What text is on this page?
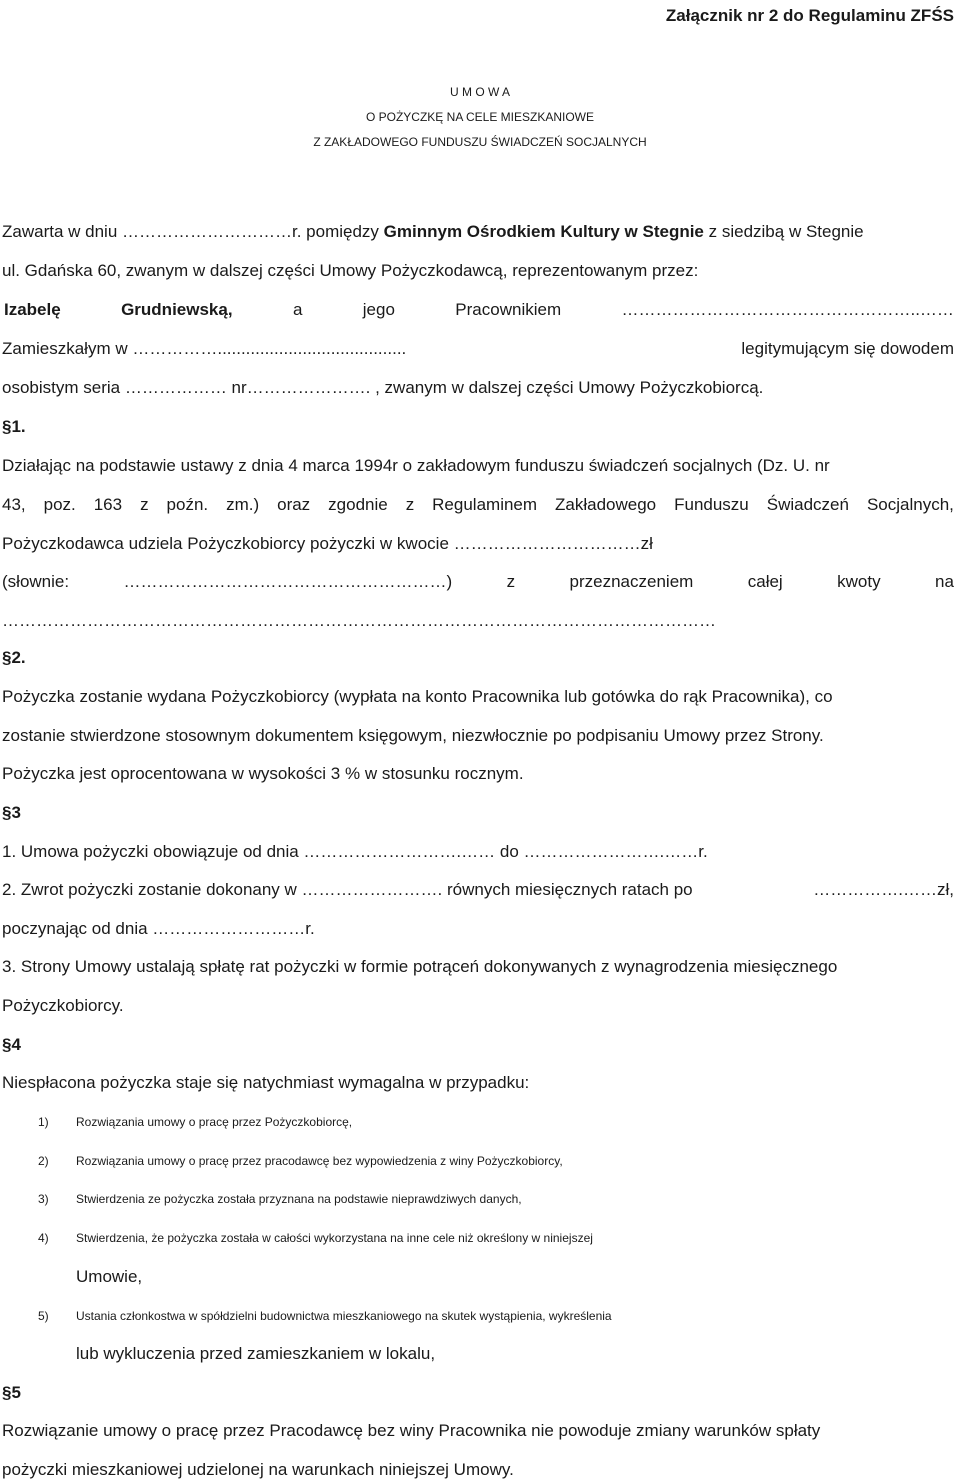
Załącznik nr 2 do Regulaminu ZFŚS
U M O W A
O POŻYCZKĘ NA CELE MIESZKANIOWE
Z ZAKŁADOWEGO FUNDUSZU ŚWIADCZEŃ SOCJALNYCH
Zawarta w dniu …………………………r. pomiędzy Gminnym Ośrodkiem Kultury w Stegnie z siedzibą w Stegnie
ul. Gdańska 60, zwanym w dalszej części Umowy Pożyczkodawcą, reprezentowanym przez:
Izabelę	Grudniewską,	a	jego	Pracownikiem	……………………………………………..……
Zamieszkałym w ……………........................................	legitymującym się dowodem
osobistym seria ……………… nr…………………. , zwanym w dalszej części Umowy Pożyczkobiorcą.
§1.
Działając na podstawie ustawy z dnia 4 marca 1994r o zakładowym funduszu świadczeń socjalnych (Dz. U. nr
43, poz. 163 z poźn. zm.) oraz zgodnie z Regulaminem Zakładowego Funduszu Świadczeń Socjalnych,
Pożyczkodawca udziela Pożyczkobiorcy pożyczki w kwocie ……………………………zł
(słownie:	…………………………………………………)	z	przeznaczeniem	całej	kwoty	na
………………………………………………………………………………………………………………
§2.
Pożyczka zostanie wydana Pożyczkobiorcy (wypłata na konto Pracownika lub gotówka do rąk Pracownika), co
zostanie stwierdzone stosownym dokumentem księgowym, niezwłocznie po podpisaniu Umowy przez Strony.
Pożyczka jest oprocentowana w wysokości 3 % w stosunku rocznym.
§3
1. Umowa pożyczki obowiązuje od dnia ……………………….…… do …………………….……r.
2. Zwrot pożyczki zostanie dokonany w ……………………. równych miesięcznych ratach po	…………….……zł,
poczynając od dnia ………………………r.
3. Strony Umowy ustalają spłatę rat pożyczki w formie potrąceń dokonywanych z wynagrodzenia miesięcznego
Pożyczkobiorcy.
§4
Niespłacona pożyczka staje się natychmiast wymagalna w przypadku:
1) Rozwiązania umowy o pracę przez Pożyczkobiorcę,
2) Rozwiązania umowy o pracę przez pracodawcę bez wypowiedzenia z winy Pożyczkobiorcy,
3) Stwierdzenia ze pożyczka została przyznana na podstawie nieprawdziwych danych,
4) Stwierdzenia, że pożyczka została w całości wykorzystana na inne cele niż określony w niniejszej
Umowie,
5) Ustania członkostwa w spółdzielni budownictwa mieszkaniowego na skutek wystąpienia, wykreślenia
lub wykluczenia przed zamieszkaniem w lokalu,
§5
Rozwiązanie umowy o pracę przez Pracodawcę bez winy Pracownika nie powoduje zmiany warunków spłaty
pożyczki mieszkaniowej udzielonej na warunkach niniejszej Umowy.
